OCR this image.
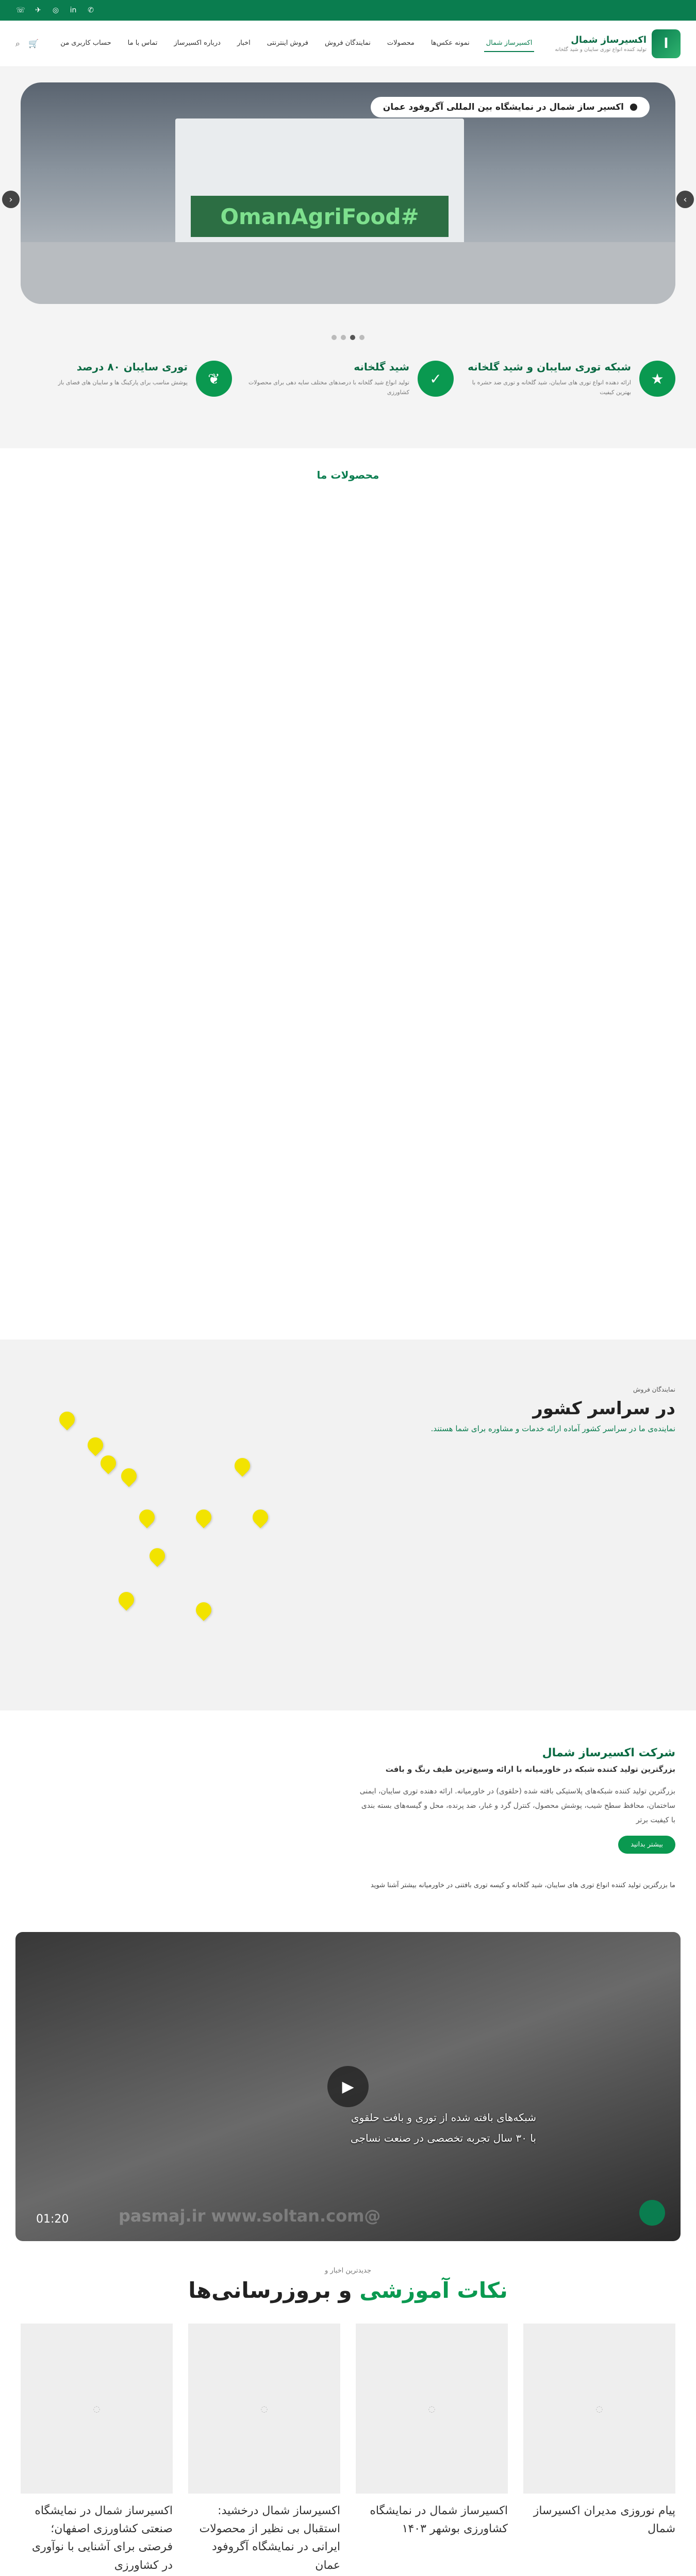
☏ ✈ ◎ in ✆
ا
اکسیرساز شمال
تولید کننده انواع توری سایبان و شید گلخانه
اکسیرساز شمال
نمونه عکس‌ها
محصولات
نمایندگان فروش
فروش اینترنتی
اخبار
درباره اکسیرساز
تماس با ما
حساب کاربری من
⌕ 🛒
#OmanAgriFood
اکسیر ساز شمال در نمایشگاه بین المللی آگروفود عمان
›
‹
★
شبکه توری سایبان و شید گلخانه

ارائه دهنده انواع توری های سایبان، شید گلخانه و توری ضد حشره با بهترین کیفیت

✓
شید گلخانه

تولید انواع شید گلخانه با درصدهای مختلف سایه دهی برای محصولات کشاورزی

❦
توری سایبان ۸۰ درصد

پوشش مناسب برای پارکینگ ها و سایبان های فضای باز

محصولات ما
نمایندگان فروش
در سراسر کشور

نماینده‌ی ما در سراسر کشور آماده ارائه خدمات و مشاوره برای شما هستند.

شرکت اکسیرساز شمال
بزرگترین تولید کننده شبکه در خاورمیانه با ارائه وسیع‌ترین طیف رنگ و بافت

بزرگترین تولید کننده شبکه‌های پلاستیکی بافته شده (حلقوی) در خاورمیانه. ارائه دهنده توری سایبان، ایمنی ساختمان، محافظ سطح شیب، پوشش محصول، کنترل گرد و غبار، ضد پرنده، محل و گیسه‌های بسته بندی با کیفیت برتر

بیشتر بدانید
ما بزرگترین تولید کننده انواع توری های سایبان، شید گلخانه و کیسه توری بافتنی در خاورمیانه بیشتر آشنا شوید
شبکه‌های بافته شده از توری و بافت حلقوی
با ۳۰ سال تجربه تخصصی در صنعت نساجی
▶
@pasmaj.ir www.soltan.com
01:20
جدیدترین اخبار و
نکات آموزشی و بروزرسانی‌ها
◌
پیام نوروزی مدیران اکسیرساز شمال
◌
اکسیرساز شمال در نمایشگاه کشاورزی بوشهر ۱۴۰۳
◌
اکسیرساز شمال درخشید: استقبال بی نظیر از محصولات ایرانی در نمایشگاه آگروفود عمان
◌
اکسیرساز شمال در نمایشگاه صنعتی کشاورزی اصفهان؛ فرصتی برای آشنایی با نوآوری در کشاورزی
